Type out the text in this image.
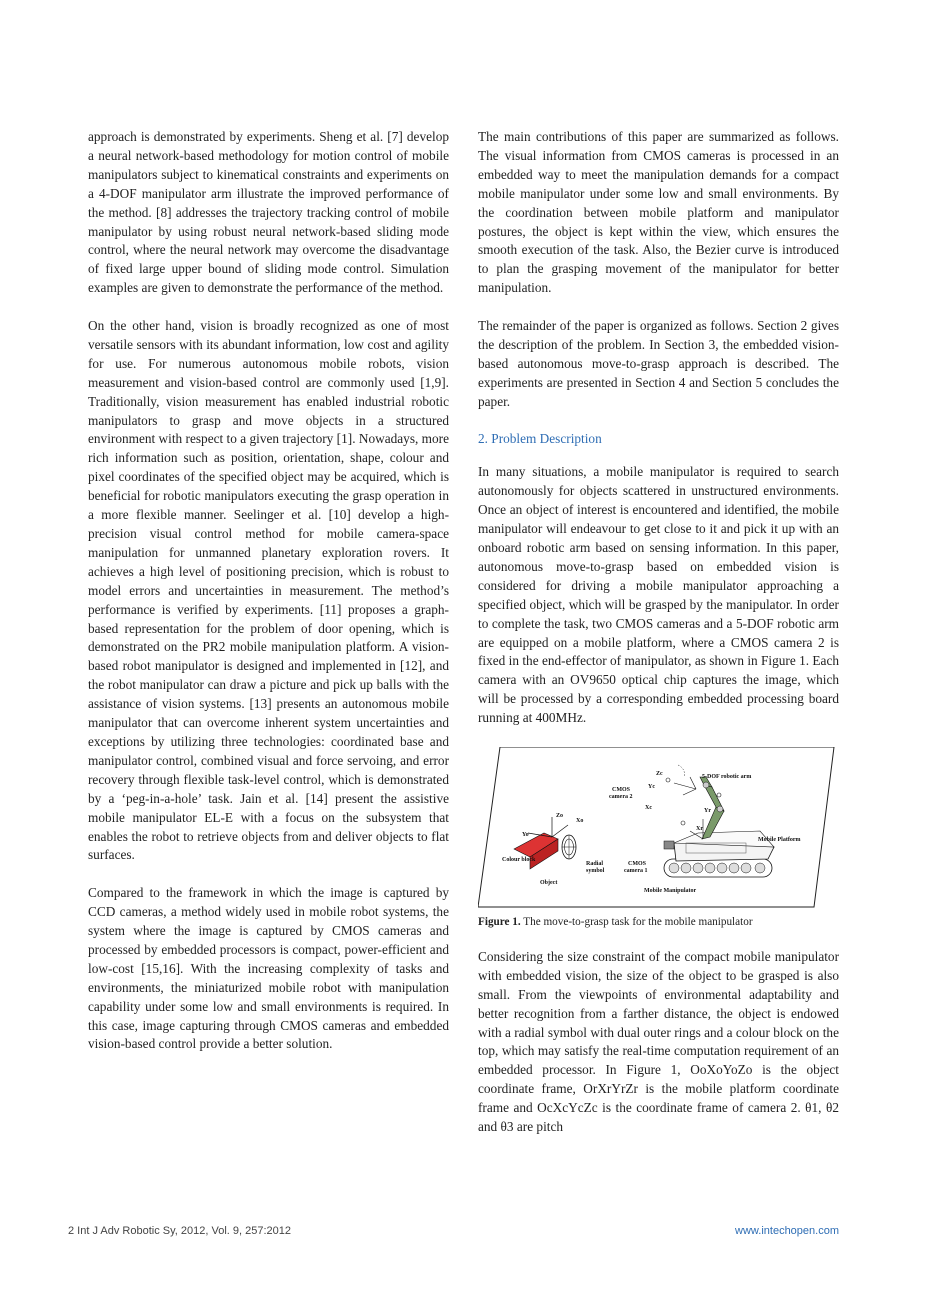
approach is demonstrated by experiments. Sheng et al. [7] develop a neural network-based methodology for motion control of mobile manipulators subject to kinematical constraints and experiments on a 4-DOF manipulator arm illustrate the improved performance of the method. [8] addresses the trajectory tracking control of mobile manipulator by using robust neural network-based sliding mode control, where the neural network may overcome the disadvantage of fixed large upper bound of sliding mode control. Simulation examples are given to demonstrate the performance of the method.

On the other hand, vision is broadly recognized as one of most versatile sensors with its abundant information, low cost and agility for use. For numerous autonomous mobile robots, vision measurement and vision-based control are commonly used [1,9]. Traditionally, vision measurement has enabled industrial robotic manipulators to grasp and move objects in a structured environment with respect to a given trajectory [1]. Nowadays, more rich information such as position, orientation, shape, colour and pixel coordinates of the specified object may be acquired, which is beneficial for robotic manipulators executing the grasp operation in a more flexible manner. Seelinger et al. [10] develop a high-precision visual control method for mobile camera-space manipulation for unmanned planetary exploration rovers. It achieves a high level of positioning precision, which is robust to model errors and uncertainties in measurement. The method’s performance is verified by experiments. [11] proposes a graph-based representation for the problem of door opening, which is demonstrated on the PR2 mobile manipulation platform. A vision-based robot manipulator is designed and implemented in [12], and the robot manipulator can draw a picture and pick up balls with the assistance of vision systems. [13] presents an autonomous mobile manipulator that can overcome inherent system uncertainties and exceptions by utilizing three technologies: coordinated base and manipulator control, combined visual and force servoing, and error recovery through flexible task-level control, which is demonstrated by a ‘peg-in-a-hole’ task. Jain et al. [14] present the assistive mobile manipulator EL-E with a focus on the subsystem that enables the robot to retrieve objects from and deliver objects to flat surfaces.

Compared to the framework in which the image is captured by CCD cameras, a method widely used in mobile robot systems, the system where the image is captured by CMOS cameras and processed by embedded processors is compact, power-efficient and low-cost [15,16]. With the increasing complexity of tasks and environments, the miniaturized mobile robot with manipulation capability under some low and small environments is required. In this case, image capturing through CMOS cameras and embedded vision-based control provide a better solution.

The main contributions of this paper are summarized as follows. The visual information from CMOS cameras is processed in an embedded way to meet the manipulation demands for a compact mobile manipulator under some low and small environments. By the coordination between mobile platform and manipulator postures, the object is kept within the view, which ensures the smooth execution of the task. Also, the Bezier curve is introduced to plan the grasping movement of the manipulator for better manipulation.

The remainder of the paper is organized as follows. Section 2 gives the description of the problem. In Section 3, the embedded vision-based autonomous move-to-grasp approach is described. The experiments are presented in Section 4 and Section 5 concludes the paper.

2. Problem Description

In many situations, a mobile manipulator is required to search autonomously for objects scattered in unstructured environments. Once an object of interest is encountered and identified, the mobile manipulator will endeavour to get close to it and pick it up with an onboard robotic arm based on sensing information. In this paper, autonomous move-to-grasp based on embedded vision is considered for driving a mobile manipulator approaching a specified object, which will be grasped by the manipulator. In order to complete the task, two CMOS cameras and a 5-DOF robotic arm are equipped on a mobile platform, where a CMOS camera 2 is fixed in the end-effector of manipulator, as shown in Figure 1. Each camera with an OV9650 optical chip captures the image, which will be processed by a corresponding embedded processing board running at 400MHz.

CMOS
camera 2
5-DOF robotic arm
Mobile Platform
Colour block
Radial
symbol
Object
CMOS
camera 1
Mobile Manipulator
Zo
Xo
Yo
Zc
Yc
Xc	Yr
Xr
Figure 1. The move-to-grasp task for the mobile manipulator

Considering the size constraint of the compact mobile manipulator with embedded vision, the size of the object to be grasped is also small. From the viewpoints of environmental adaptability and better recognition from a farther distance, the object is endowed with a radial symbol with dual outer rings and a colour block on the top, which may satisfy the real-time computation requirement of an embedded processor. In Figure 1, OoXoYoZo is the object coordinate frame, OrXrYrZr is the mobile platform coordinate frame and OcXcYcZc is the coordinate frame of camera 2. θ1, θ2 and θ3 are pitch

2 Int J Adv Robotic Sy, 2012, Vol. 9, 257:2012	www.intechopen.com
